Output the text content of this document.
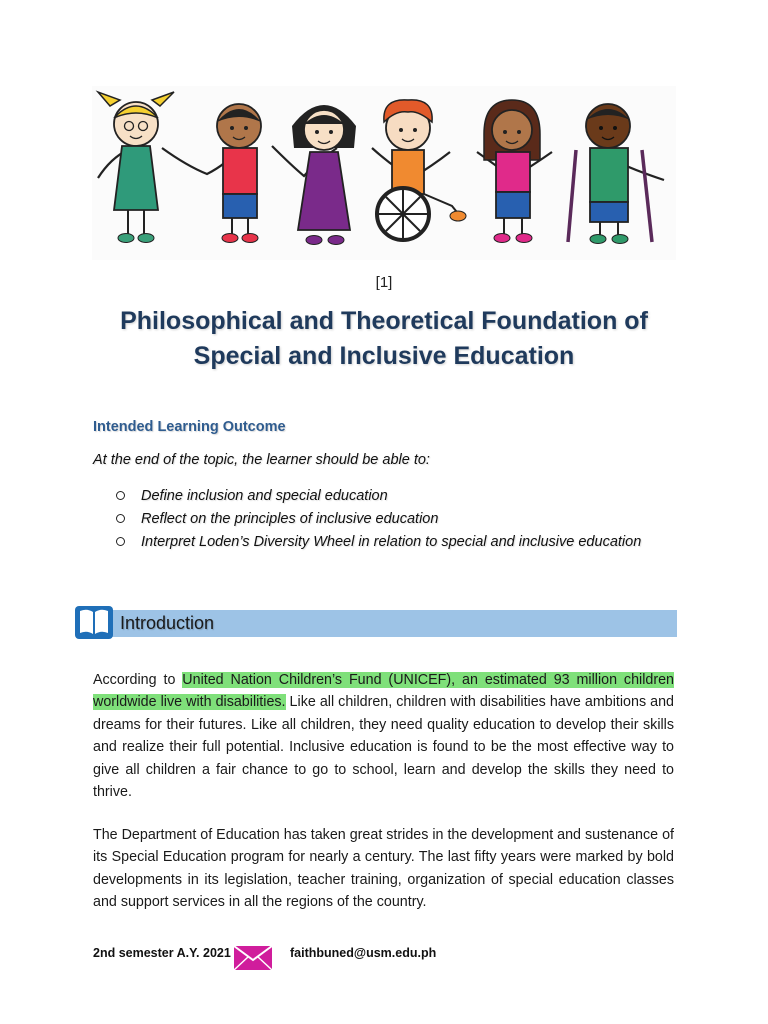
[1]
Philosophical and Theoretical Foundation of
Special and Inclusive Education
Intended Learning Outcome
At the end of the topic, the learner should be able to:
Define inclusion and special education
Reflect on the principles of inclusive education
Interpret Loden’s Diversity Wheel in relation to special and inclusive education
Introduction
According to United Nation Children’s Fund (UNICEF), an estimated 93 million children worldwide live with disabilities. Like all children, children with disabilities have ambitions and dreams for their futures. Like all children, they need quality education to develop their skills and realize their full potential. Inclusive education is found to be the most effective way to give all children a fair chance to go to school, learn and develop the skills they need to thrive.
The Department of Education has taken great strides in the development and sustenance of its Special Education program for nearly a century. The last fifty years were marked by bold developments in its legislation, teacher training, organization of special education classes and support services in all the regions of the country.
2nd semester A.Y. 2021	faithbuned@usm.edu.ph
